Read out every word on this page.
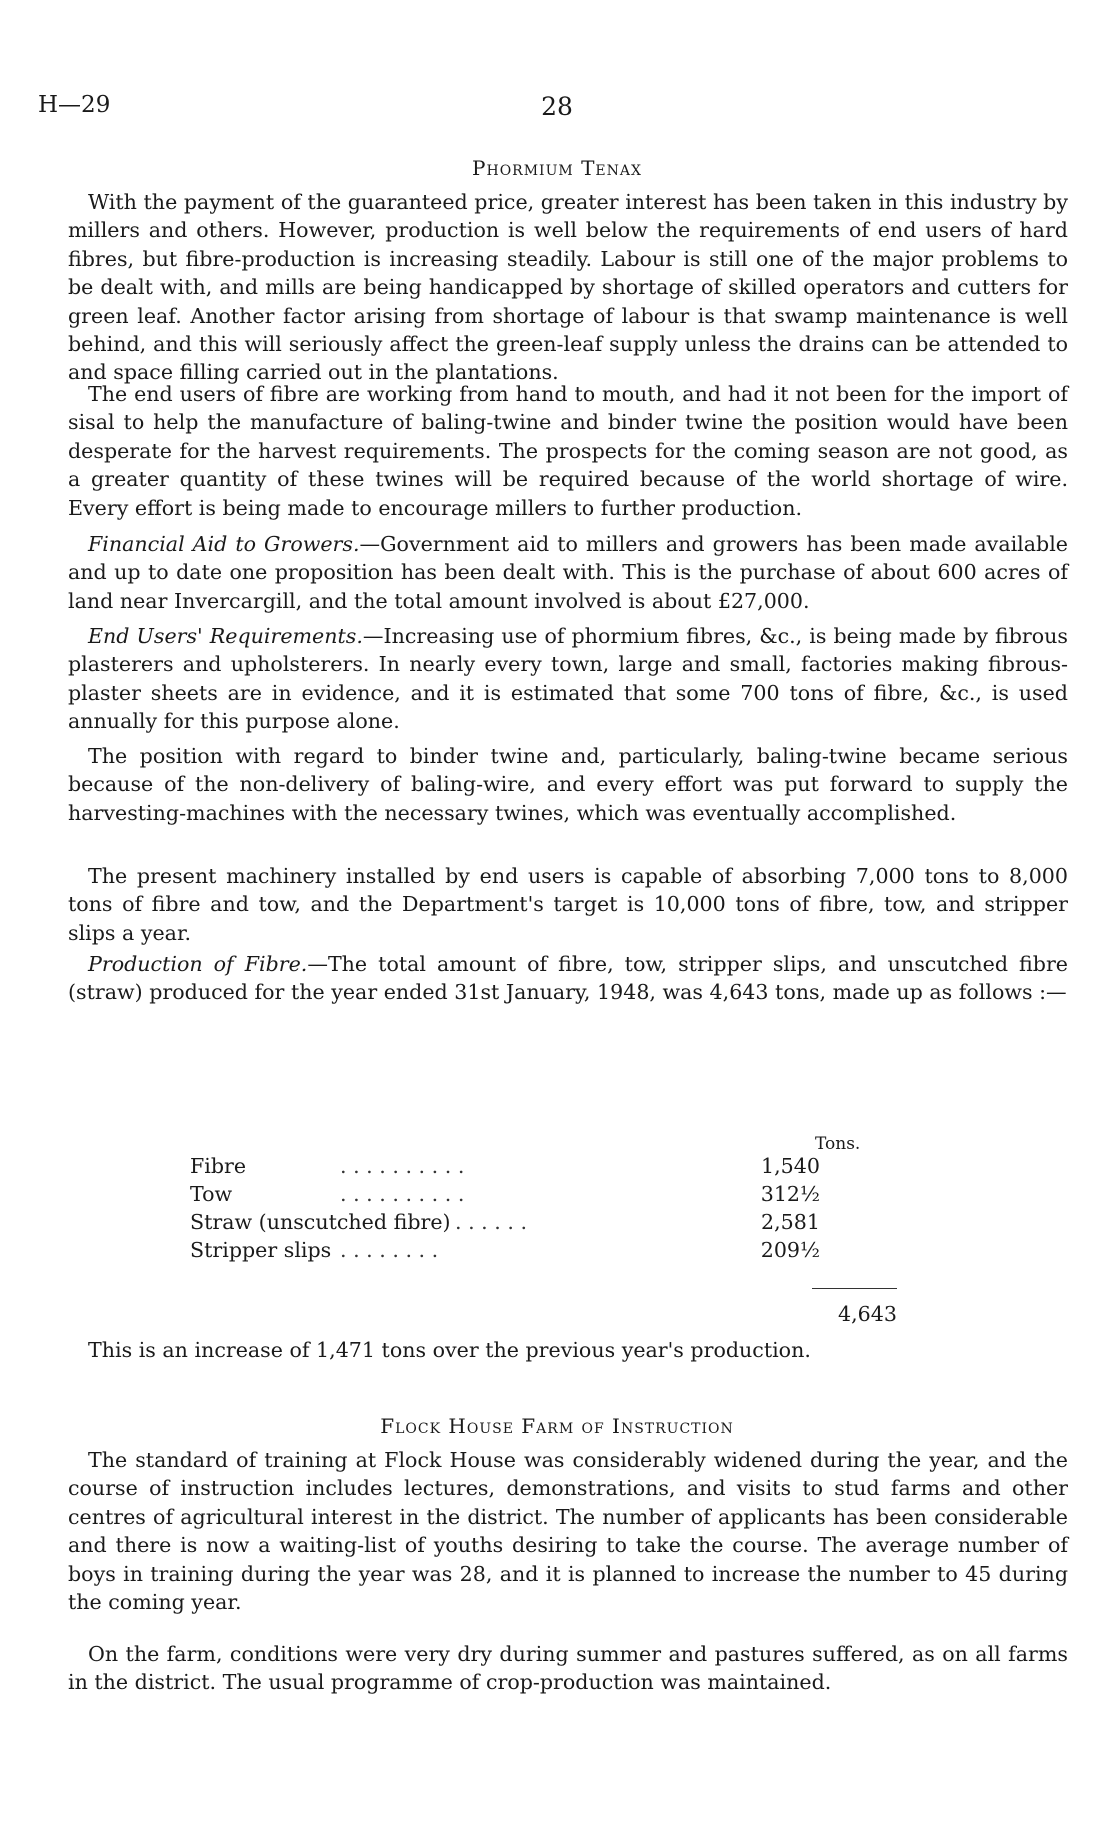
H—29	28
Phormium Tenax

With the payment of the guaranteed price, greater interest has been taken in this industry by millers and others. However, production is well below the requirements of end users of hard fibres, but fibre-production is increasing steadily. Labour is still one of the major problems to be dealt with, and mills are being handicapped by shortage of skilled operators and cutters for green leaf. Another factor arising from shortage of labour is that swamp maintenance is well behind, and this will seriously affect the green-leaf supply unless the drains can be attended to and space filling carried out in the plantations.

The end users of fibre are working from hand to mouth, and had it not been for the import of sisal to help the manufacture of baling-twine and binder twine the position would have been desperate for the harvest requirements. The prospects for the coming season are not good, as a greater quantity of these twines will be required because of the world shortage of wire. Every effort is being made to encourage millers to further production.

Financial Aid to Growers.—Government aid to millers and growers has been made available and up to date one proposition has been dealt with. This is the purchase of about 600 acres of land near Invercargill, and the total amount involved is about £27,000.

End Users' Requirements.—Increasing use of phormium fibres, &c., is being made by fibrous plasterers and upholsterers. In nearly every town, large and small, factories making fibrous-plaster sheets are in evidence, and it is estimated that some 700 tons of fibre, &c., is used annually for this purpose alone.

The position with regard to binder twine and, particularly, baling-twine became serious because of the non-delivery of baling-wire, and every effort was put forward to supply the harvesting-machines with the necessary twines, which was eventually accomplished.

The present machinery installed by end users is capable of absorbing 7,000 tons to 8,000 tons of fibre and tow, and the Department's target is 10,000 tons of fibre, tow, and stripper slips a year.

Production of Fibre.—The total amount of fibre, tow, stripper slips, and unscutched fibre (straw) produced for the year ended 31st January, 1948, was 4,643 tons, made up as follows :—

Tons.
Fibre	. . . . . . . . . .	1,540
Tow	. . . . . . . . . .	312½
Straw (unscutched fibre) . . . . . .	2,581
Stripper slips . . . . . . . .	209½
4,643

This is an increase of 1,471 tons over the previous year's production.

Flock House Farm of Instruction

The standard of training at Flock House was considerably widened during the year, and the course of instruction includes lectures, demonstrations, and visits to stud farms and other centres of agricultural interest in the district. The number of applicants has been considerable and there is now a waiting-list of youths desiring to take the course. The average number of boys in training during the year was 28, and it is planned to increase the number to 45 during the coming year.

On the farm, conditions were very dry during summer and pastures suffered, as on all farms in the district. The usual programme of crop-production was maintained.
